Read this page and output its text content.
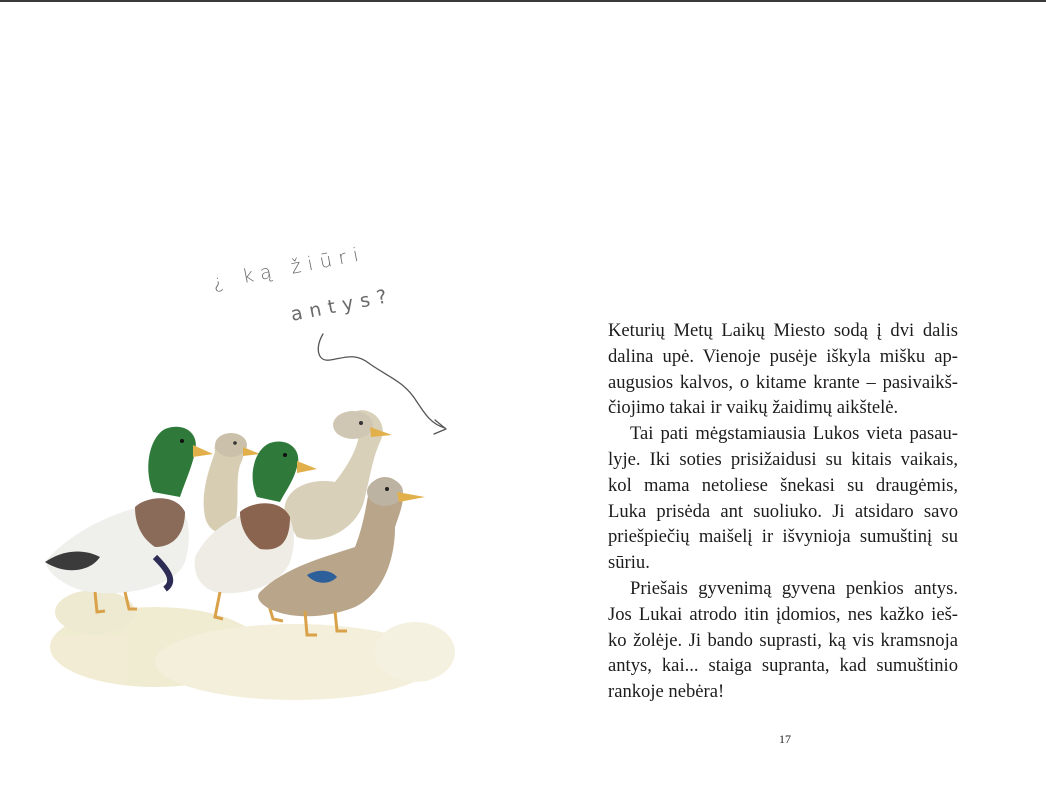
¿ ką žiūri
antys?

Keturių Metų Laikų Miesto sodą į dvi dalis
dalina upė. Vienoje pusėje iškyla mišku ap-
augusios kalvos, o kitame krante – pasivaikš-
čiojimo takai ir vaikų žaidimų aikštelė.

Tai pati mėgstamiausia Lukos vieta pasau-
lyje. Iki soties prisižaidusi su kitais vaikais,
kol mama netoliese šnekasi su draugėmis,
Luka prisėda ant suoliuko. Ji atsidaro savo
priešpiečių maišelį ir išvynioja sumuštinį su
sūriu.

Priešais gyvenimą gyvena penkios antys.
Jos Lukai atrodo itin įdomios, nes kažko ieš-
ko žolėje. Ji bando suprasti, ką vis kramsnoja
antys, kai... staiga supranta, kad sumuštinio
rankoje nebėra!

17
